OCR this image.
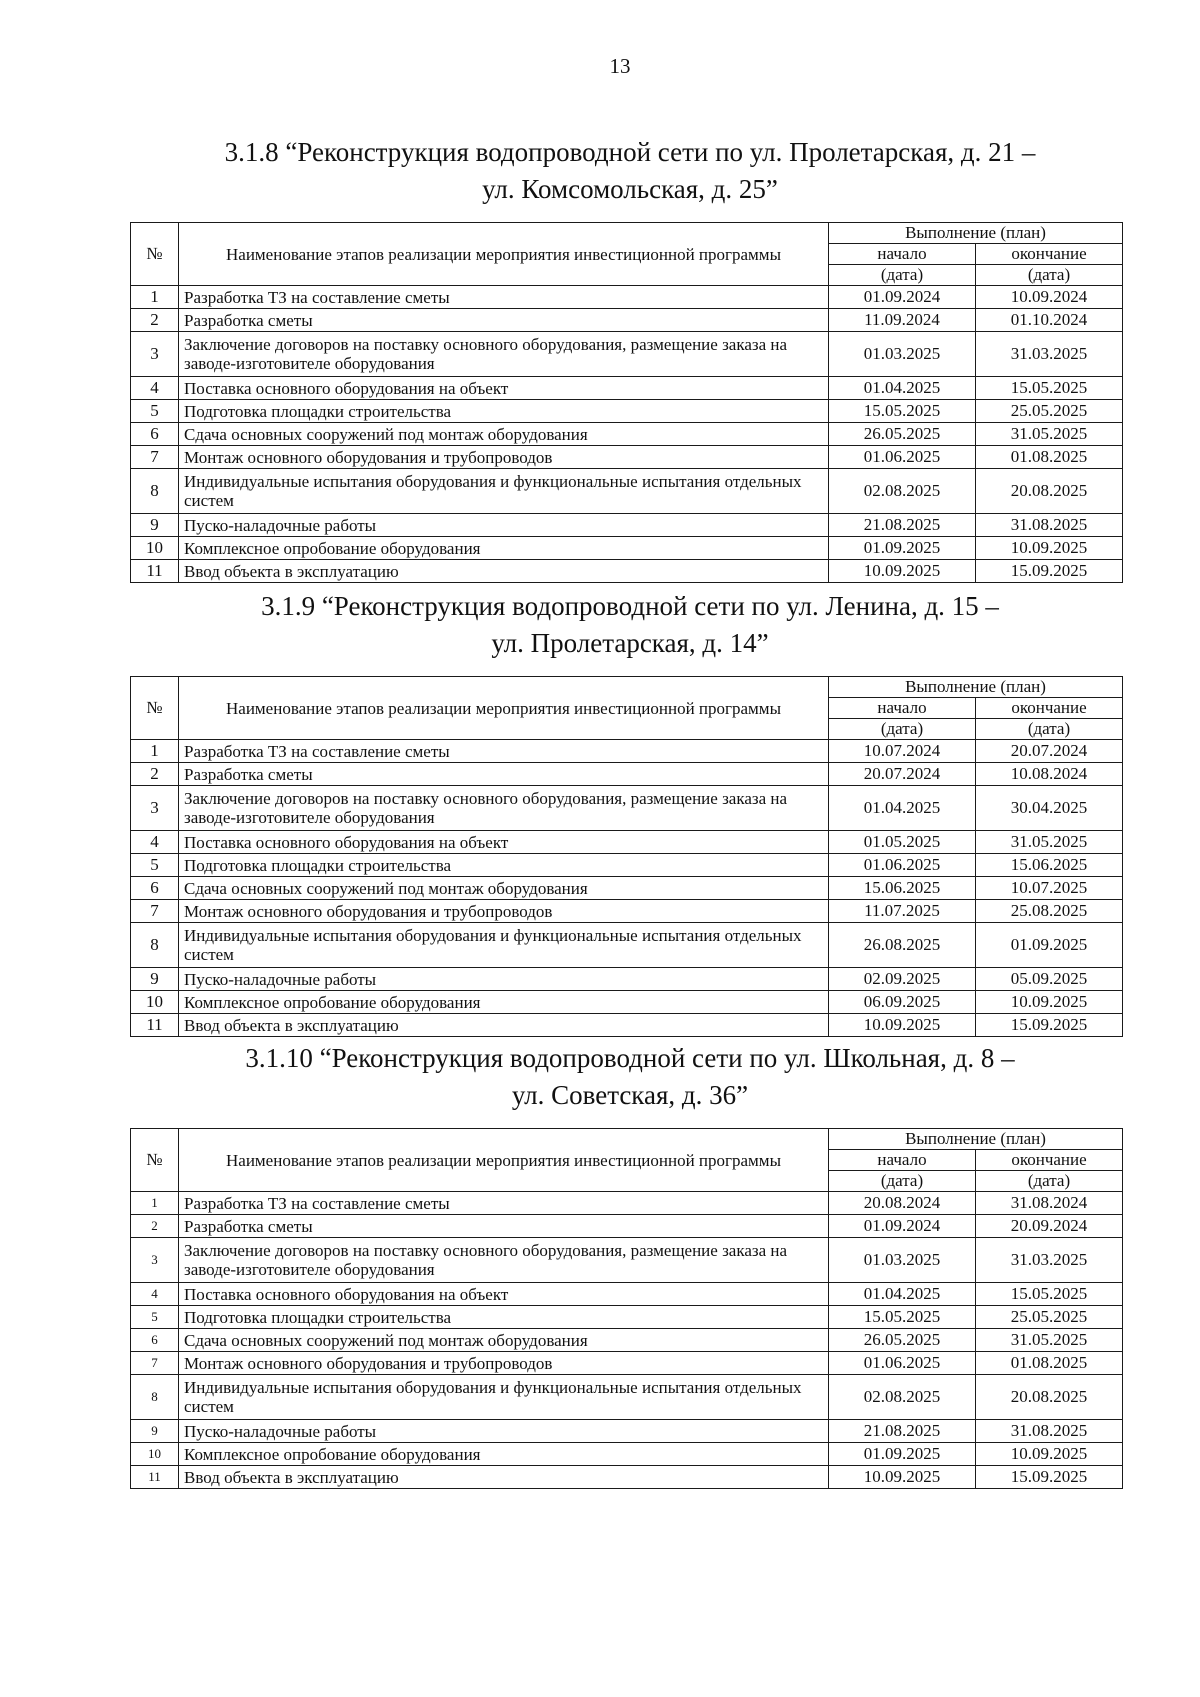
13
3.1.8 “Реконструкция водопроводной сети по ул. Пролетарская, д. 21 –
ул. Комсомольская, д. 25”
№	Наименование этапов реализации мероприятия инвестиционной программы	Выполнение (план)	
		начало	окончание
		(дата)	(дата)
1	Разработка ТЗ на составление сметы	01.09.2024	10.09.2024
2	Разработка сметы	11.09.2024	01.10.2024
3	Заключение договоров на поставку основного оборудования, размещение заказа на заводе-изготовителе оборудования	01.03.2025	31.03.2025
4	Поставка основного оборудования на объект	01.04.2025	15.05.2025
5	Подготовка площадки строительства	15.05.2025	25.05.2025
6	Сдача основных сооружений под монтаж оборудования	26.05.2025	31.05.2025
7	Монтаж основного оборудования и трубопроводов	01.06.2025	01.08.2025
8	Индивидуальные испытания оборудования и функциональные испытания отдельных систем	02.08.2025	20.08.2025
9	Пуско-наладочные работы	21.08.2025	31.08.2025
10	Комплексное опробование оборудования	01.09.2025	10.09.2025
11	Ввод объекта в эксплуатацию	10.09.2025	15.09.2025
3.1.9 “Реконструкция водопроводной сети по ул. Ленина, д. 15 –
ул. Пролетарская, д. 14”
№	Наименование этапов реализации мероприятия инвестиционной программы	Выполнение (план)	
		начало	окончание
		(дата)	(дата)
1	Разработка ТЗ на составление сметы	10.07.2024	20.07.2024
2	Разработка сметы	20.07.2024	10.08.2024
3	Заключение договоров на поставку основного оборудования, размещение заказа на заводе-изготовителе оборудования	01.04.2025	30.04.2025
4	Поставка основного оборудования на объект	01.05.2025	31.05.2025
5	Подготовка площадки строительства	01.06.2025	15.06.2025
6	Сдача основных сооружений под монтаж оборудования	15.06.2025	10.07.2025
7	Монтаж основного оборудования и трубопроводов	11.07.2025	25.08.2025
8	Индивидуальные испытания оборудования и функциональные испытания отдельных систем	26.08.2025	01.09.2025
9	Пуско-наладочные работы	02.09.2025	05.09.2025
10	Комплексное опробование оборудования	06.09.2025	10.09.2025
11	Ввод объекта в эксплуатацию	10.09.2025	15.09.2025
3.1.10 “Реконструкция водопроводной сети по ул. Школьная, д. 8 –
ул. Советская, д. 36”
№	Наименование этапов реализации мероприятия инвестиционной программы	Выполнение (план)	
		начало	окончание
		(дата)	(дата)
1	Разработка ТЗ на составление сметы	20.08.2024	31.08.2024
2	Разработка сметы	01.09.2024	20.09.2024
3	Заключение договоров на поставку основного оборудования, размещение заказа на заводе-изготовителе оборудования	01.03.2025	31.03.2025
4	Поставка основного оборудования на объект	01.04.2025	15.05.2025
5	Подготовка площадки строительства	15.05.2025	25.05.2025
6	Сдача основных сооружений под монтаж оборудования	26.05.2025	31.05.2025
7	Монтаж основного оборудования и трубопроводов	01.06.2025	01.08.2025
8	Индивидуальные испытания оборудования и функциональные испытания отдельных систем	02.08.2025	20.08.2025
9	Пуско-наладочные работы	21.08.2025	31.08.2025
10	Комплексное опробование оборудования	01.09.2025	10.09.2025
11	Ввод объекта в эксплуатацию	10.09.2025	15.09.2025
